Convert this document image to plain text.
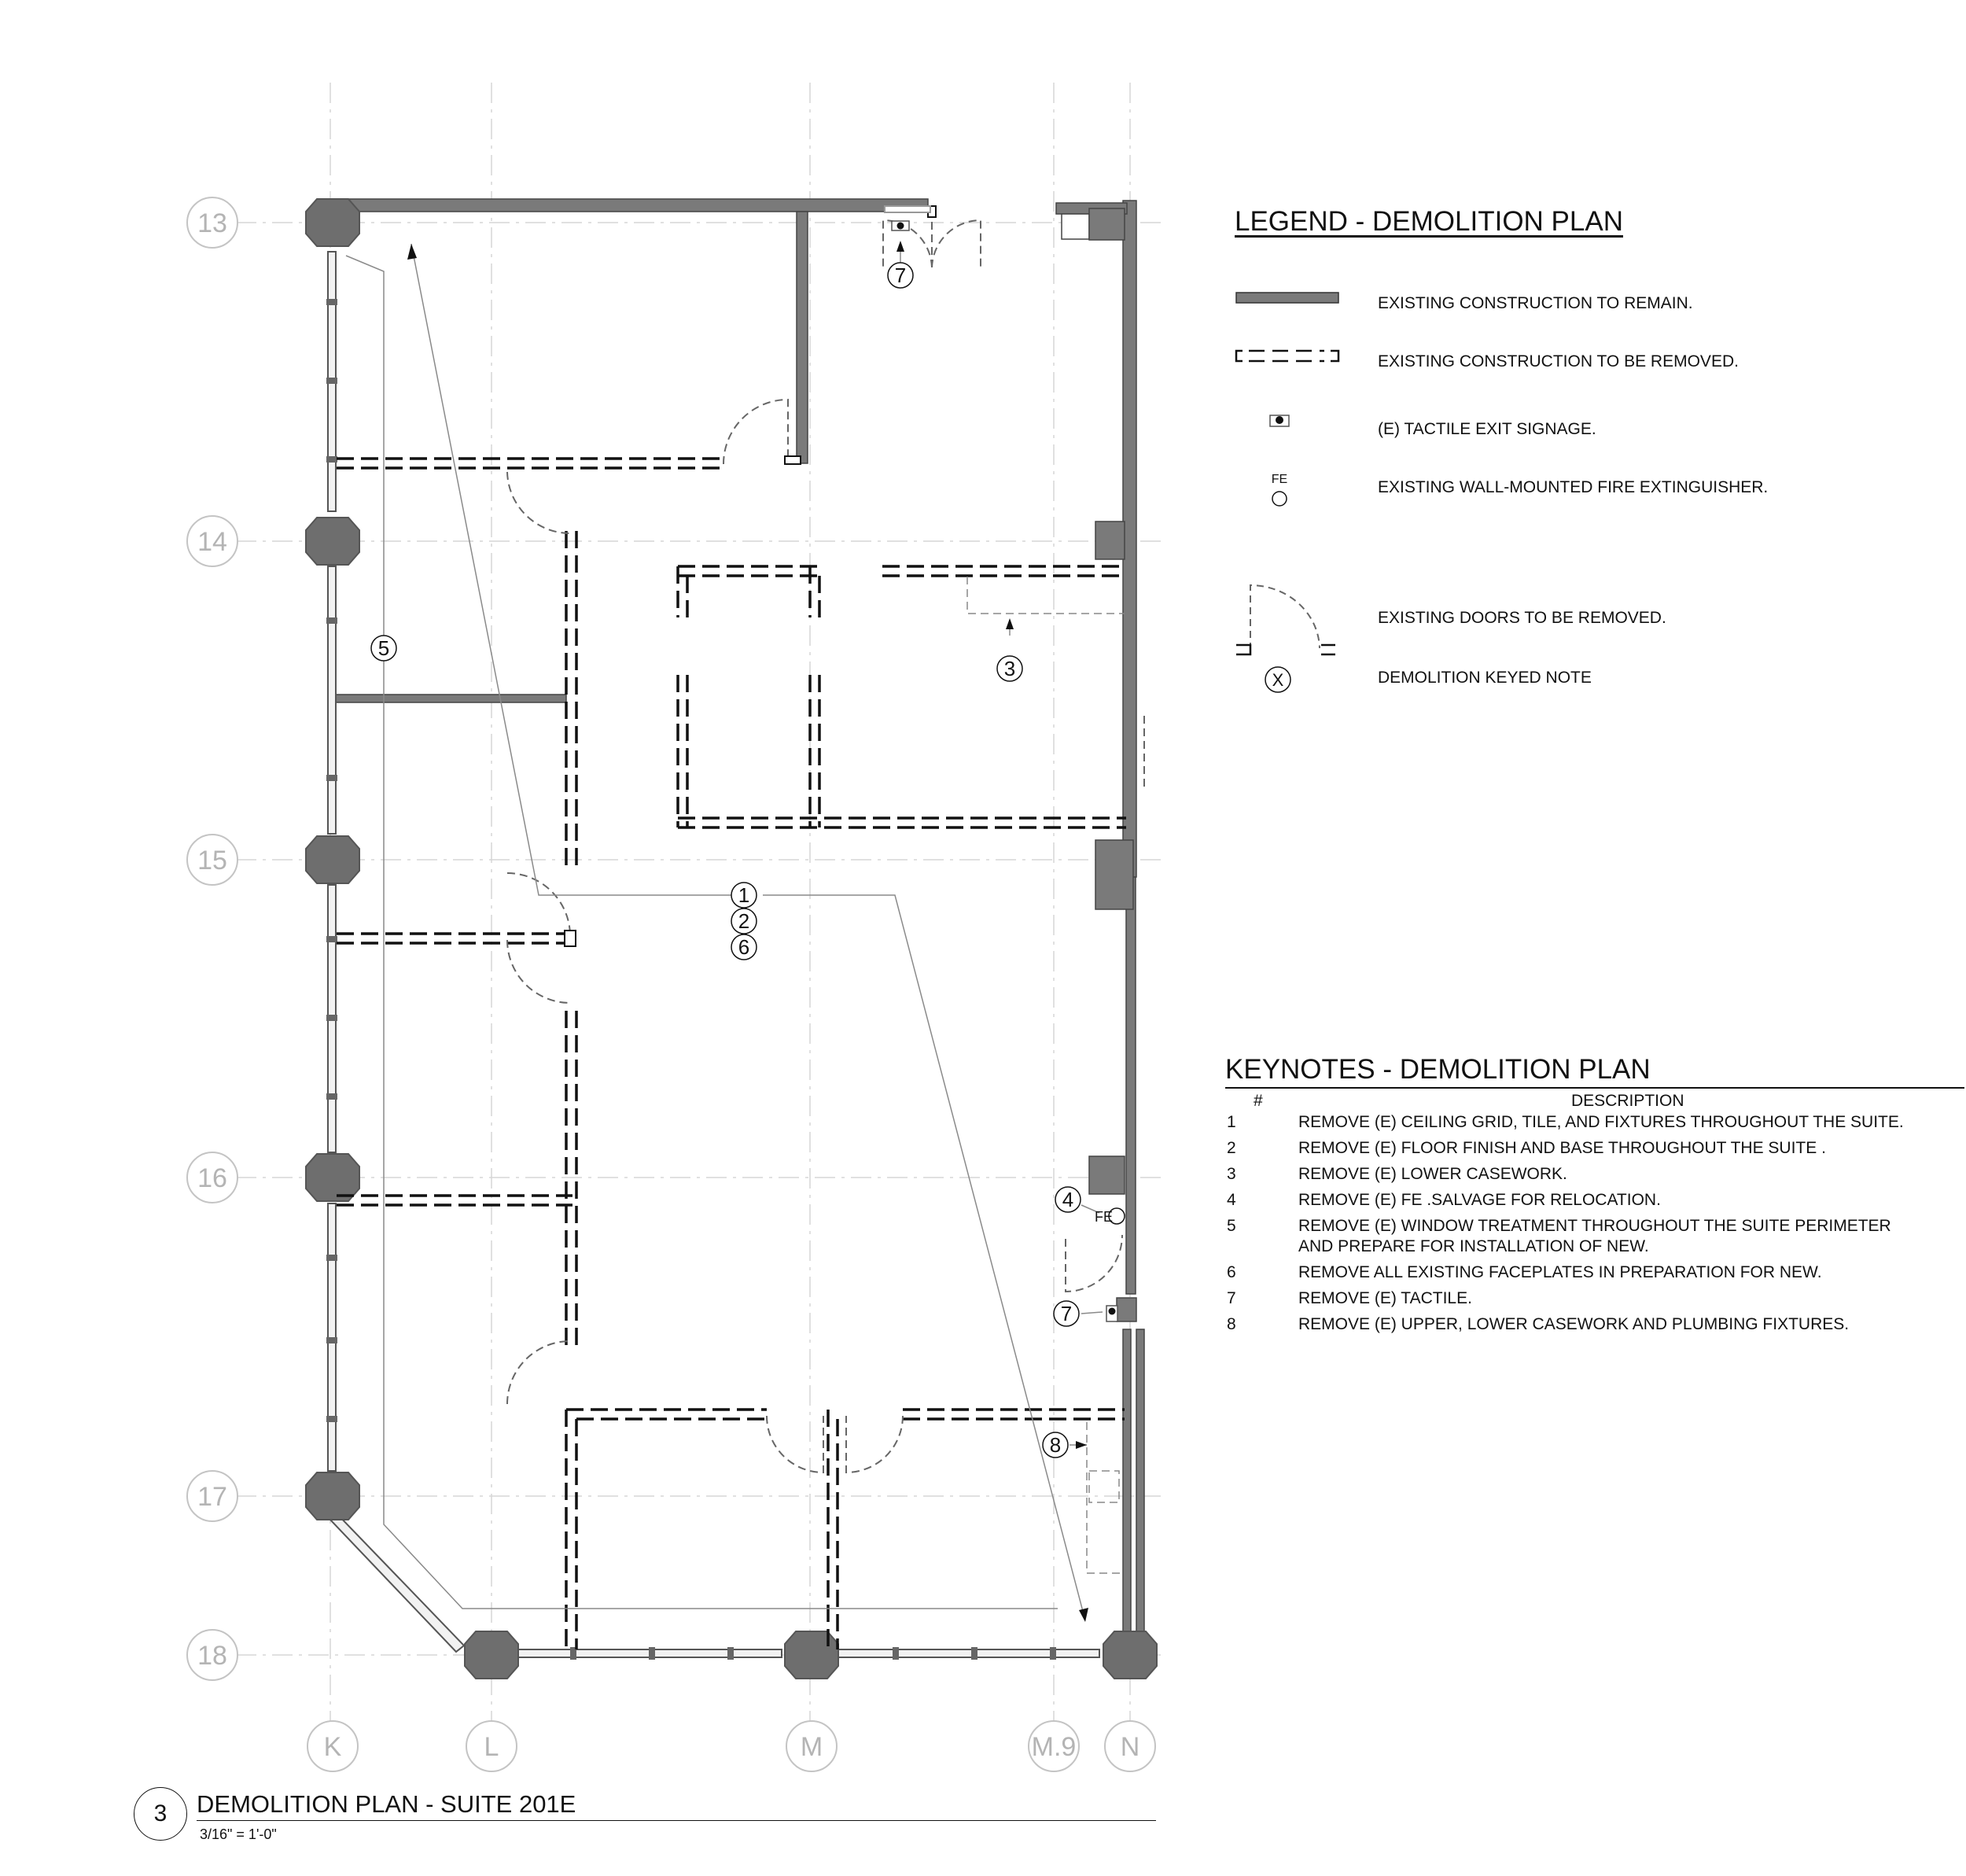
13
14
15
16
17
18
K	L	M	M.9 N
FE
7
5
3
1
2
6
4
7
8
LEGEND - DEMOLITION PLAN
EXISTING CONSTRUCTION TO REMAIN.
EXISTING CONSTRUCTION TO BE REMOVED.
(E) TACTILE EXIT SIGNAGE.
FE	EXISTING WALL-MOUNTED FIRE EXTINGUISHER.
EXISTING DOORS TO BE REMOVED.
X	DEMOLITION KEYED NOTE
KEYNOTES - DEMOLITION PLAN
#	DESCRIPTION
1	REMOVE (E) CEILING GRID, TILE, AND FIXTURES THROUGHOUT THE SUITE.
2	REMOVE (E) FLOOR FINISH AND BASE THROUGHOUT THE SUITE .
3	REMOVE (E) LOWER CASEWORK.
4	REMOVE (E) FE .SALVAGE FOR RELOCATION.
5	REMOVE (E) WINDOW TREATMENT THROUGHOUT THE SUITE PERIMETER AND PREPARE FOR INSTALLATION OF NEW.
6	REMOVE ALL EXISTING FACEPLATES IN PREPARATION FOR NEW.
7	REMOVE (E) TACTILE.
8	REMOVE (E) UPPER, LOWER CASEWORK AND PLUMBING FIXTURES.
3	DEMOLITION PLAN - SUITE 201E
3/16" = 1'-0"
